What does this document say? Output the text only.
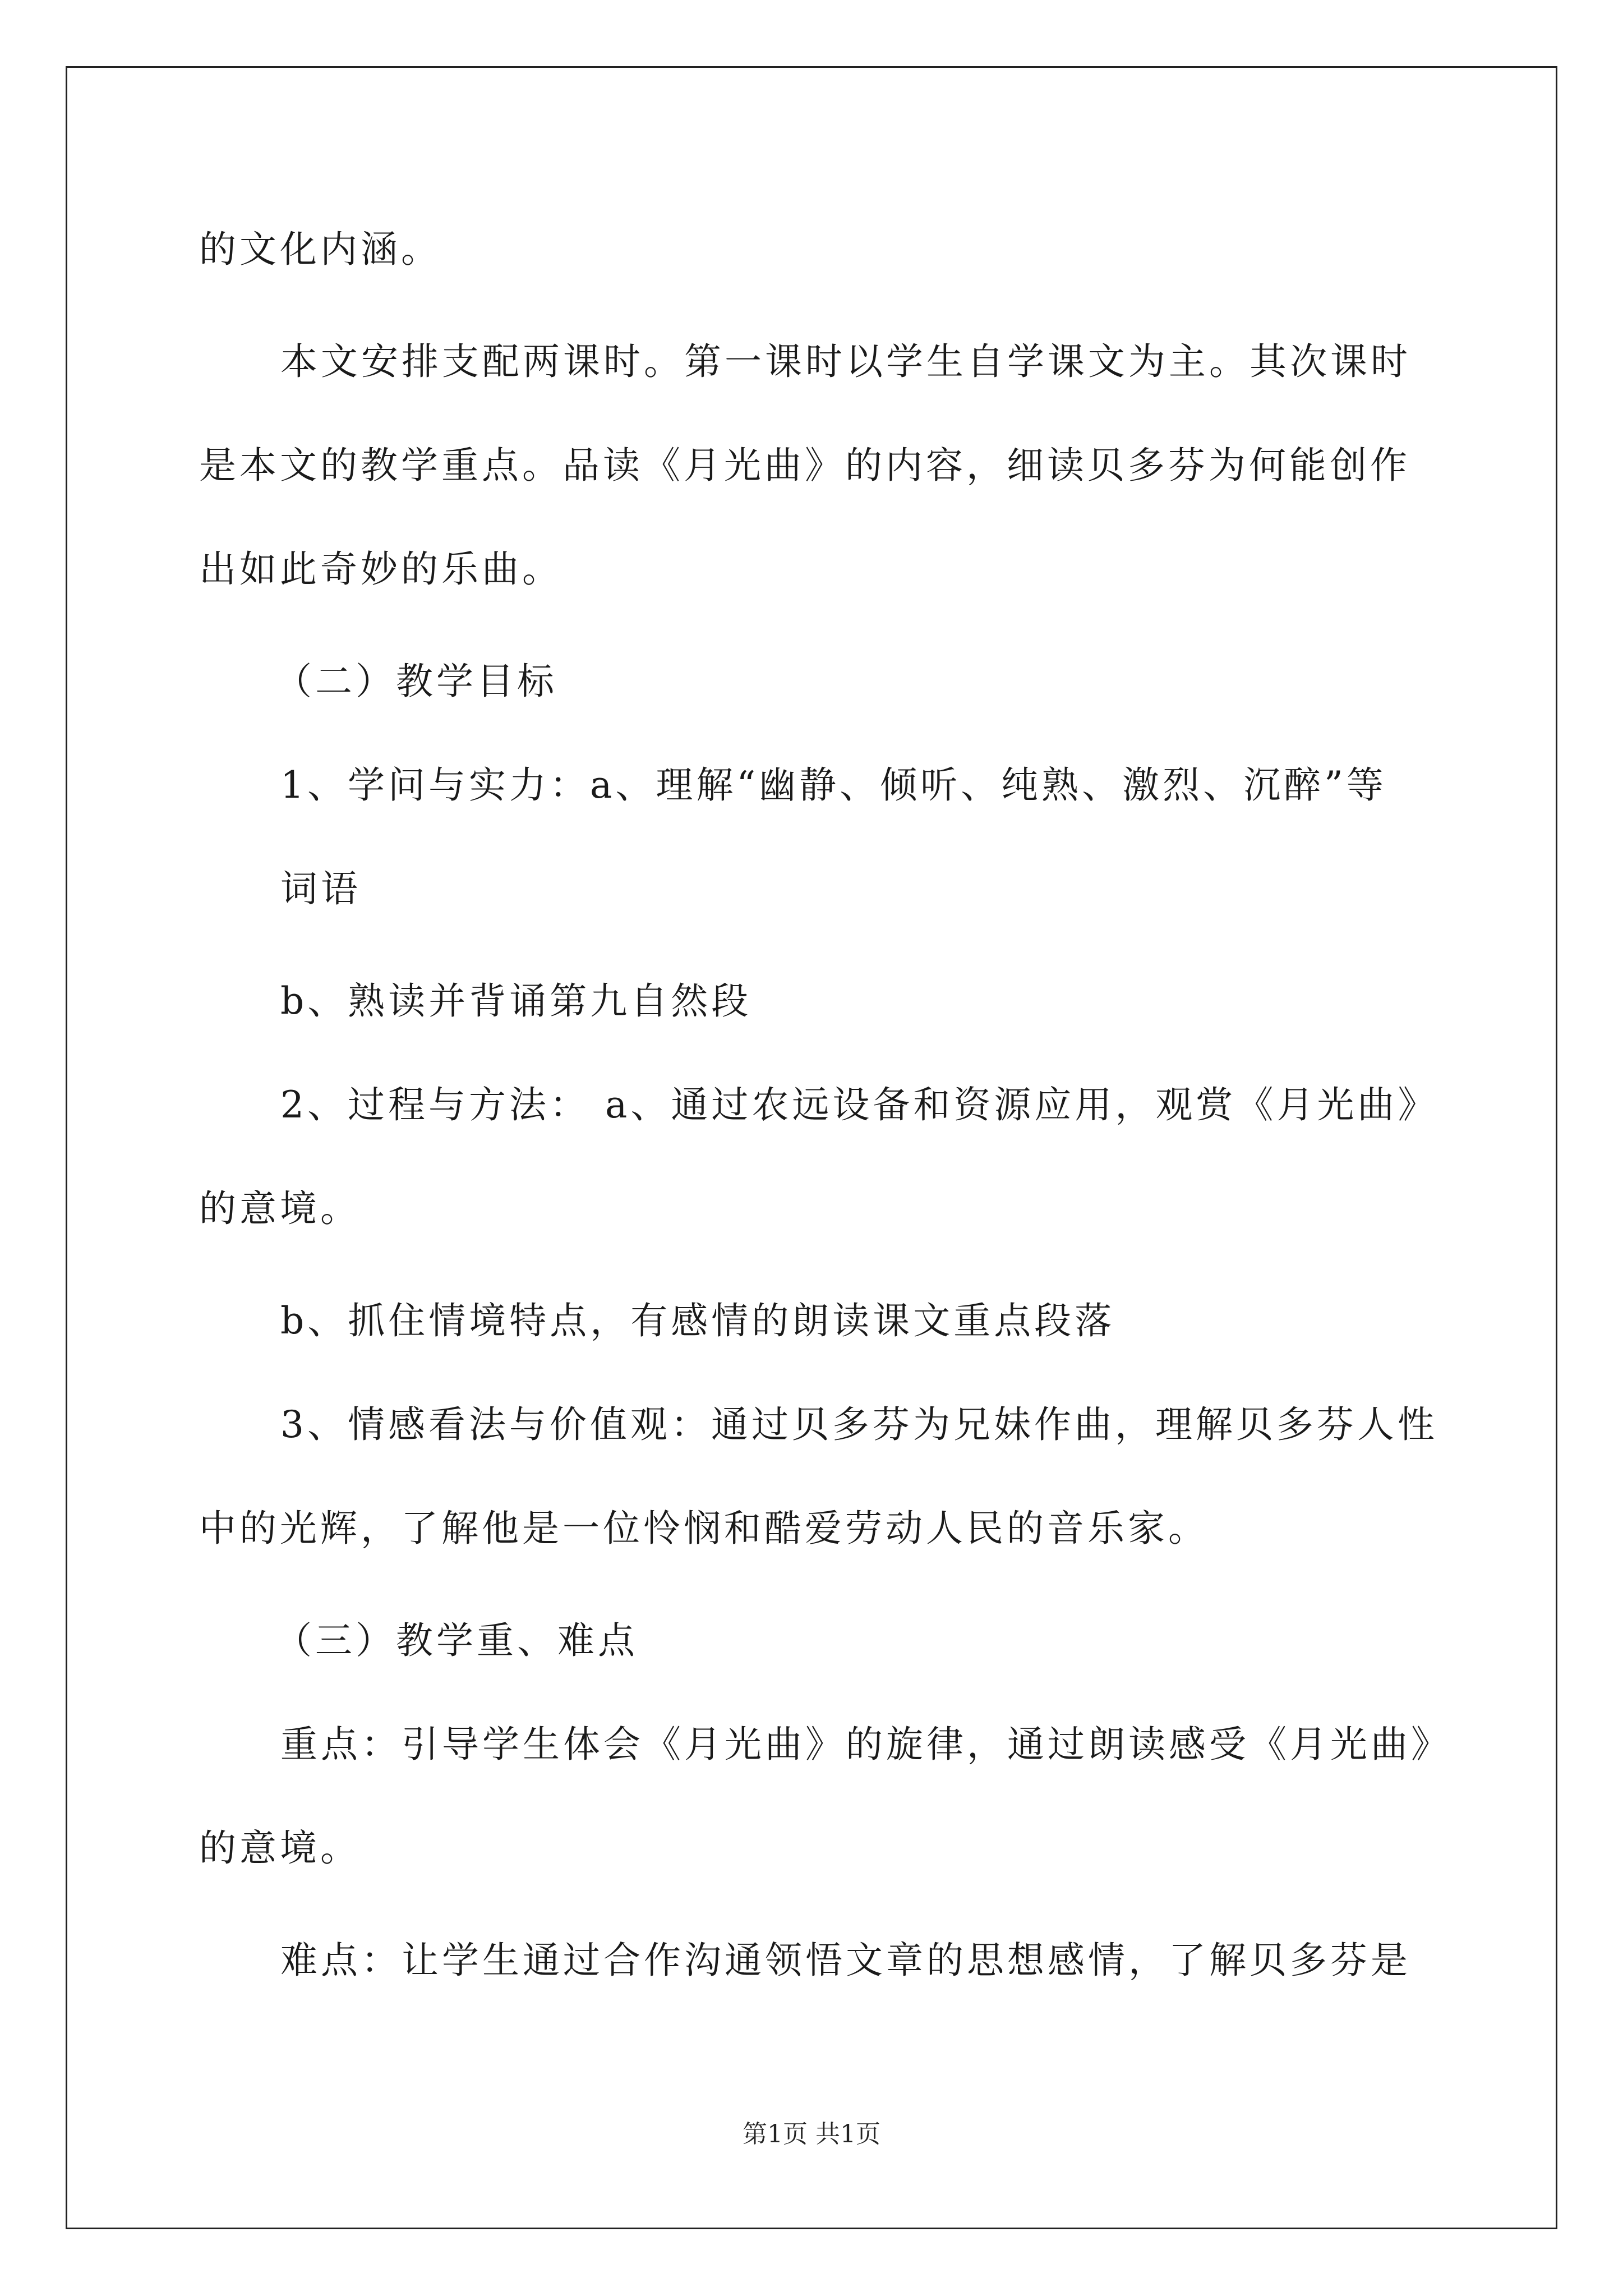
的文化内涵。
本文安排支配两课时。第一课时以学生自学课文为主。其次课时
是本文的教学重点。品读《月光曲》的内容，细读贝多芬为何能创作
出如此奇妙的乐曲。
（二）教学目标
1、学问与实力：a、理解“幽静、倾听、纯熟、激烈、沉醉”等
词语
b、熟读并背诵第九自然段
2、过程与方法： a、通过农远设备和资源应用，观赏《月光曲》
的意境。
b、抓住情境特点，有感情的朗读课文重点段落
3、情感看法与价值观：通过贝多芬为兄妹作曲，理解贝多芬人性
中的光辉，了解他是一位怜悯和酷爱劳动人民的音乐家。
（三）教学重、难点
重点：引导学生体会《月光曲》的旋律，通过朗读感受《月光曲》
的意境。
难点：让学生通过合作沟通领悟文章的思想感情，了解贝多芬是
第1页 共1页
